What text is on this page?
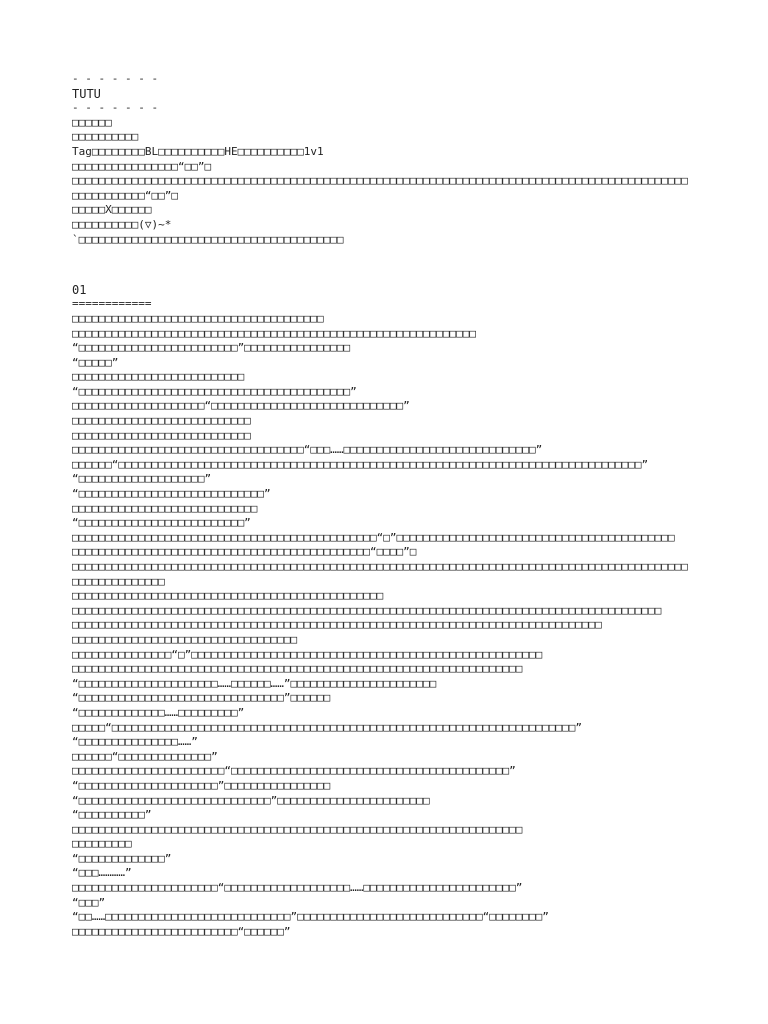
- - - - - - -
TUTU
- - - - - - -
□□□□□□
□□□□□□□□□□
Tag□□□□□□□□BL□□□□□□□□□□HE□□□□□□□□□□1v1
□□□□□□□□□□□□□□□□“□□”□
□□□□□□□□□□□□□□□□□□□□□□□□□□□□□□□□□□□□□□□□□□□□□□□□□□□□□□□□□□□□□□□□□□□□□□□□□□□□□□□□□□□□□□□□□□□□□
□□□□□□□□□□□“□□”□
□□□□□X□□□□□□
□□□□□□□□□□(▽)~*
`□□□□□□□□□□□□□□□□□□□□□□□□□□□□□□□□□□□□□□□□
01
============
□□□□□□□□□□□□□□□□□□□□□□□□□□□□□□□□□□□□□□
□□□□□□□□□□□□□□□□□□□□□□□□□□□□□□□□□□□□□□□□□□□□□□□□□□□□□□□□□□□□□
“□□□□□□□□□□□□□□□□□□□□□□□□”□□□□□□□□□□□□□□□□
“□□□□□”
□□□□□□□□□□□□□□□□□□□□□□□□□□
“□□□□□□□□□□□□□□□□□□□□□□□□□□□□□□□□□□□□□□□□□”
□□□□□□□□□□□□□□□□□□□□“□□□□□□□□□□□□□□□□□□□□□□□□□□□□□”
□□□□□□□□□□□□□□□□□□□□□□□□□□□
□□□□□□□□□□□□□□□□□□□□□□□□□□□
□□□□□□□□□□□□□□□□□□□□□□□□□□□□□□□□□□□“□□□……□□□□□□□□□□□□□□□□□□□□□□□□□□□□□”
□□□□□□“□□□□□□□□□□□□□□□□□□□□□□□□□□□□□□□□□□□□□□□□□□□□□□□□□□□□□□□□□□□□□□□□□□□□□□□□□□□□□□□”
“□□□□□□□□□□□□□□□□□□□”
“□□□□□□□□□□□□□□□□□□□□□□□□□□□□”
□□□□□□□□□□□□□□□□□□□□□□□□□□□□
“□□□□□□□□□□□□□□□□□□□□□□□□□”
□□□□□□□□□□□□□□□□□□□□□□□□□□□□□□□□□□□□□□□□□□□□□□“□”□□□□□□□□□□□□□□□□□□□□□□□□□□□□□□□□□□□□□□□□□□
□□□□□□□□□□□□□□□□□□□□□□□□□□□□□□□□□□□□□□□□□□□□□“□□□□”□
□□□□□□□□□□□□□□□□□□□□□□□□□□□□□□□□□□□□□□□□□□□□□□□□□□□□□□□□□□□□□□□□□□□□□□□□□□□□□□□□□□□□□□□□□□□□□
□□□□□□□□□□□□□□
□□□□□□□□□□□□□□□□□□□□□□□□□□□□□□□□□□□□□□□□□□□□□□□
□□□□□□□□□□□□□□□□□□□□□□□□□□□□□□□□□□□□□□□□□□□□□□□□□□□□□□□□□□□□□□□□□□□□□□□□□□□□□□□□□□□□□□□□□
□□□□□□□□□□□□□□□□□□□□□□□□□□□□□□□□□□□□□□□□□□□□□□□□□□□□□□□□□□□□□□□□□□□□□□□□□□□□□□□□
□□□□□□□□□□□□□□□□□□□□□□□□□□□□□□□□□□
□□□□□□□□□□□□□□□“□”□□□□□□□□□□□□□□□□□□□□□□□□□□□□□□□□□□□□□□□□□□□□□□□□□□□□□
□□□□□□□□□□□□□□□□□□□□□□□□□□□□□□□□□□□□□□□□□□□□□□□□□□□□□□□□□□□□□□□□□□□□
“□□□□□□□□□□□□□□□□□□□□□……□□□□□□……”□□□□□□□□□□□□□□□□□□□□□□
“□□□□□□□□□□□□□□□□□□□□□□□□□□□□□□□”□□□□□□
“□□□□□□□□□□□□□……□□□□□□□□□”
□□□□□“□□□□□□□□□□□□□□□□□□□□□□□□□□□□□□□□□□□□□□□□□□□□□□□□□□□□□□□□□□□□□□□□□□□□□□”
“□□□□□□□□□□□□□□□……”
□□□□□□“□□□□□□□□□□□□□□”
□□□□□□□□□□□□□□□□□□□□□□□“□□□□□□□□□□□□□□□□□□□□□□□□□□□□□□□□□□□□□□□□□□”
“□□□□□□□□□□□□□□□□□□□□□”□□□□□□□□□□□□□□□□
“□□□□□□□□□□□□□□□□□□□□□□□□□□□□□”□□□□□□□□□□□□□□□□□□□□□□□
“□□□□□□□□□□”
□□□□□□□□□□□□□□□□□□□□□□□□□□□□□□□□□□□□□□□□□□□□□□□□□□□□□□□□□□□□□□□□□□□□
□□□□□□□□□
“□□□□□□□□□□□□□”
“□□□…………”
□□□□□□□□□□□□□□□□□□□□□□“□□□□□□□□□□□□□□□□□□□……□□□□□□□□□□□□□□□□□□□□□□□”
“□□□”
“□□……□□□□□□□□□□□□□□□□□□□□□□□□□□□□”□□□□□□□□□□□□□□□□□□□□□□□□□□□□“□□□□□□□□”
□□□□□□□□□□□□□□□□□□□□□□□□□“□□□□□□”
